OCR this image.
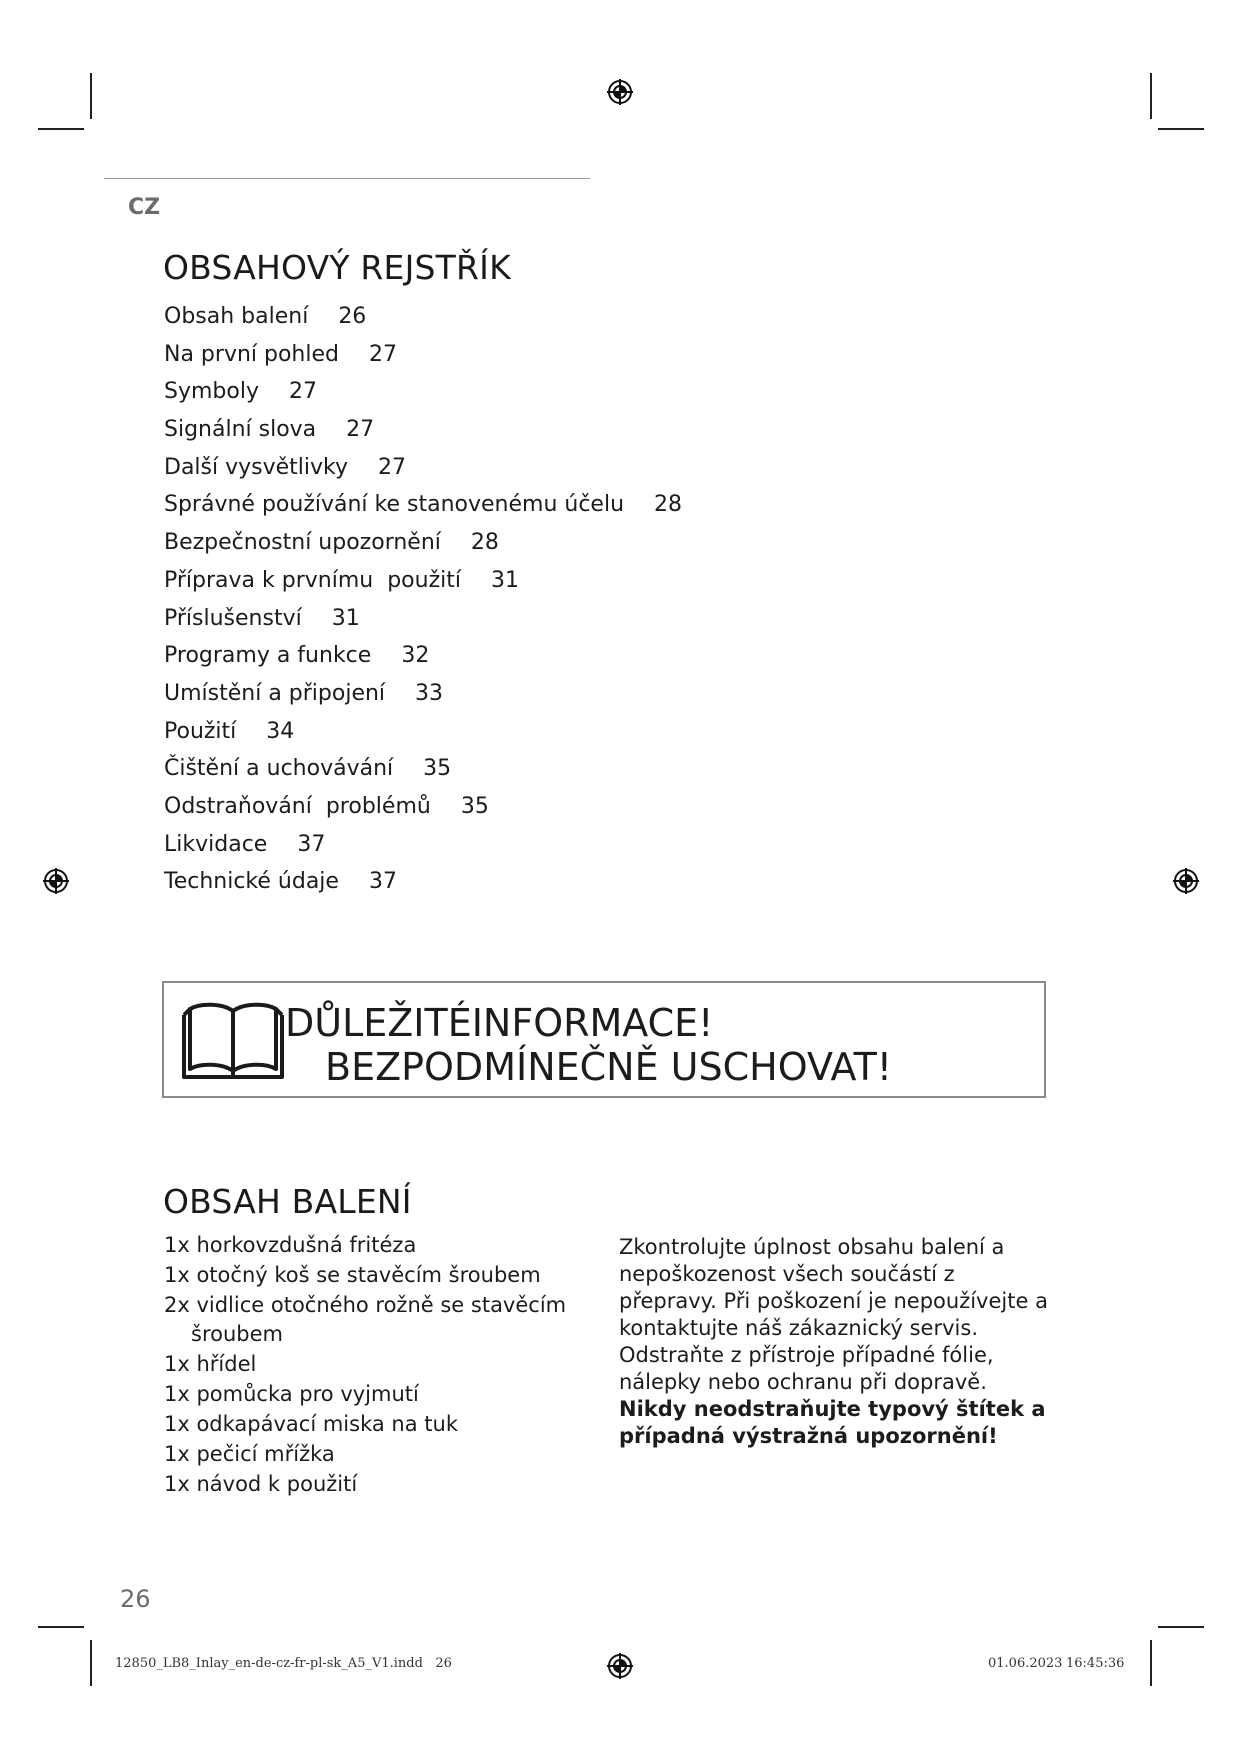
CZ
OBSAHOVÝ REJSTŘÍK
Obsah balení 26
Na první pohled 27
Symboly 27
Signální slova 27
Další vysvětlivky 27
Správné používání ke stanovenému účelu 28
Bezpečnostní upozornění 28
Příprava k prvnímu  použití 31
Příslušenství 31
Programy a funkce 32
Umístění a připojení 33
Použití 34
Čištění a uchovávání 35
Odstraňování  problémů 35
Likvidace 37
Technické údaje 37
DŮLEŽITÉINFORMACE!
BEZPODMÍNEČNĚ USCHOVAT!
OBSAH BALENÍ
1x horkovzdušná fritéza
1x otočný koš se stavěcím šroubem
2x vidlice otočného rožně se stavěcím šroubem
1x hřídel
1x pomůcka pro vyjmutí
1x odkapávací miska na tuk
1x pečicí mřížka
1x návod k použití
Zkontrolujte úplnost obsahu balení a nepoškozenost všech součástí z přepravy. Při poškození je nepoužívejte a kontaktujte náš zákaznický servis.
Odstraňte z přístroje případné fólie, nálepky nebo ochranu při dopravě. Nikdy neodstraňujte typový štítek a případná výstražná upozornění!
26
12850_LB8_Inlay_en-de-cz-fr-pl-sk_A5_V1.indd   26	01.06.2023 16:45:36
